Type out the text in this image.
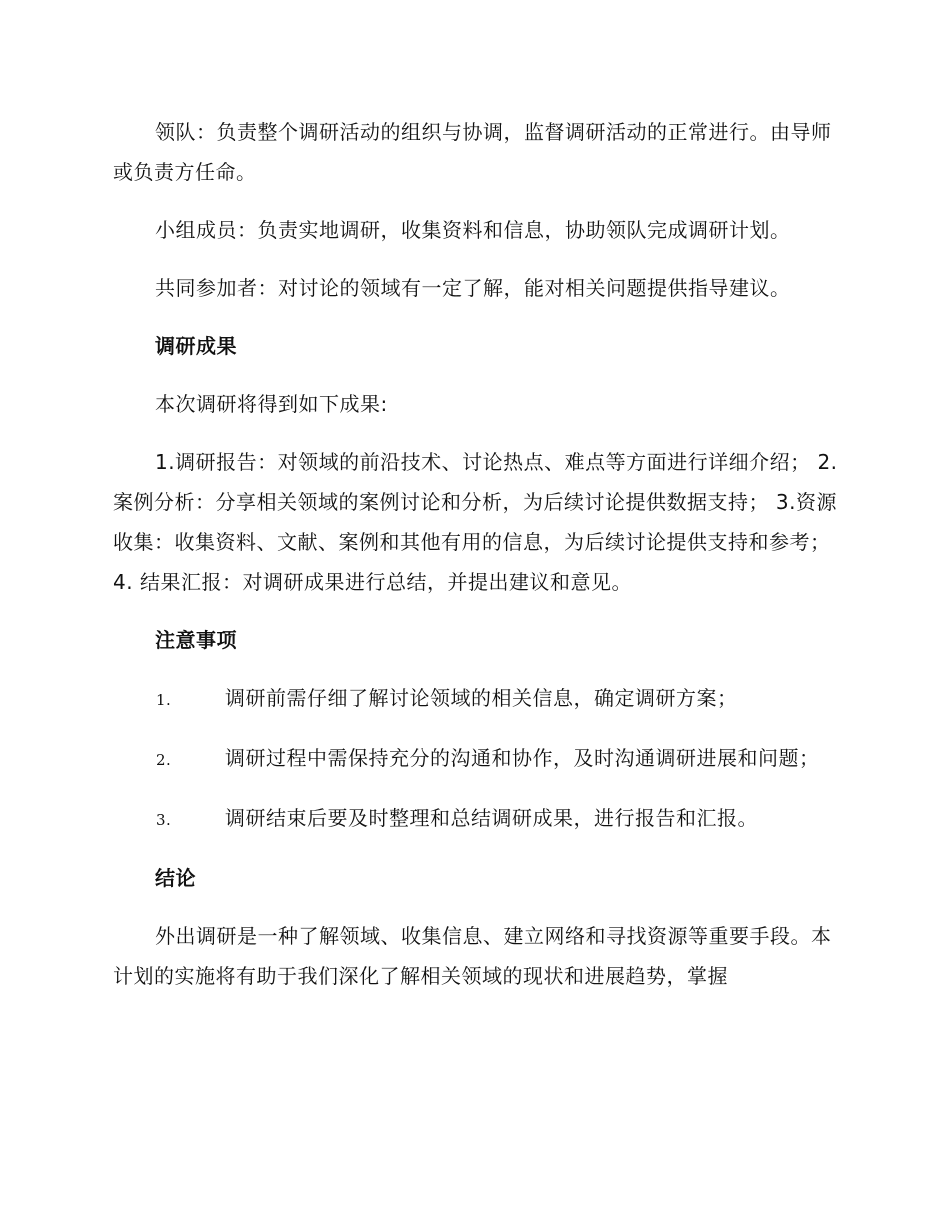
领队：负责整个调研活动的组织与协调，监督调研活动的正常进行。由导师或负责方任命。

小组成员：负责实地调研，收集资料和信息，协助领队完成调研计划。

共同参加者：对讨论的领域有一定了解，能对相关问题提供指导建议。

调研成果

本次调研将得到如下成果:

1.调研报告：对领域的前沿技术、讨论热点、难点等方面进行详细介绍； 2. 案例分析：分享相关领域的案例讨论和分析，为后续讨论提供数据支持； 3.资源收集：收集资料、文献、案例和其他有用的信息，为后续讨论提供支持和参考； 4. 结果汇报：对调研成果进行总结，并提出建议和意见。

注意事项

1.	调研前需仔细了解讨论领域的相关信息，确定调研方案；

2.	调研过程中需保持充分的沟通和协作，及时沟通调研进展和问题；

3.	调研结束后要及时整理和总结调研成果，进行报告和汇报。

结论

外出调研是一种了解领域、收集信息、建立网络和寻找资源等重要手段。本计划的实施将有助于我们深化了解相关领域的现状和进展趋势，掌握
